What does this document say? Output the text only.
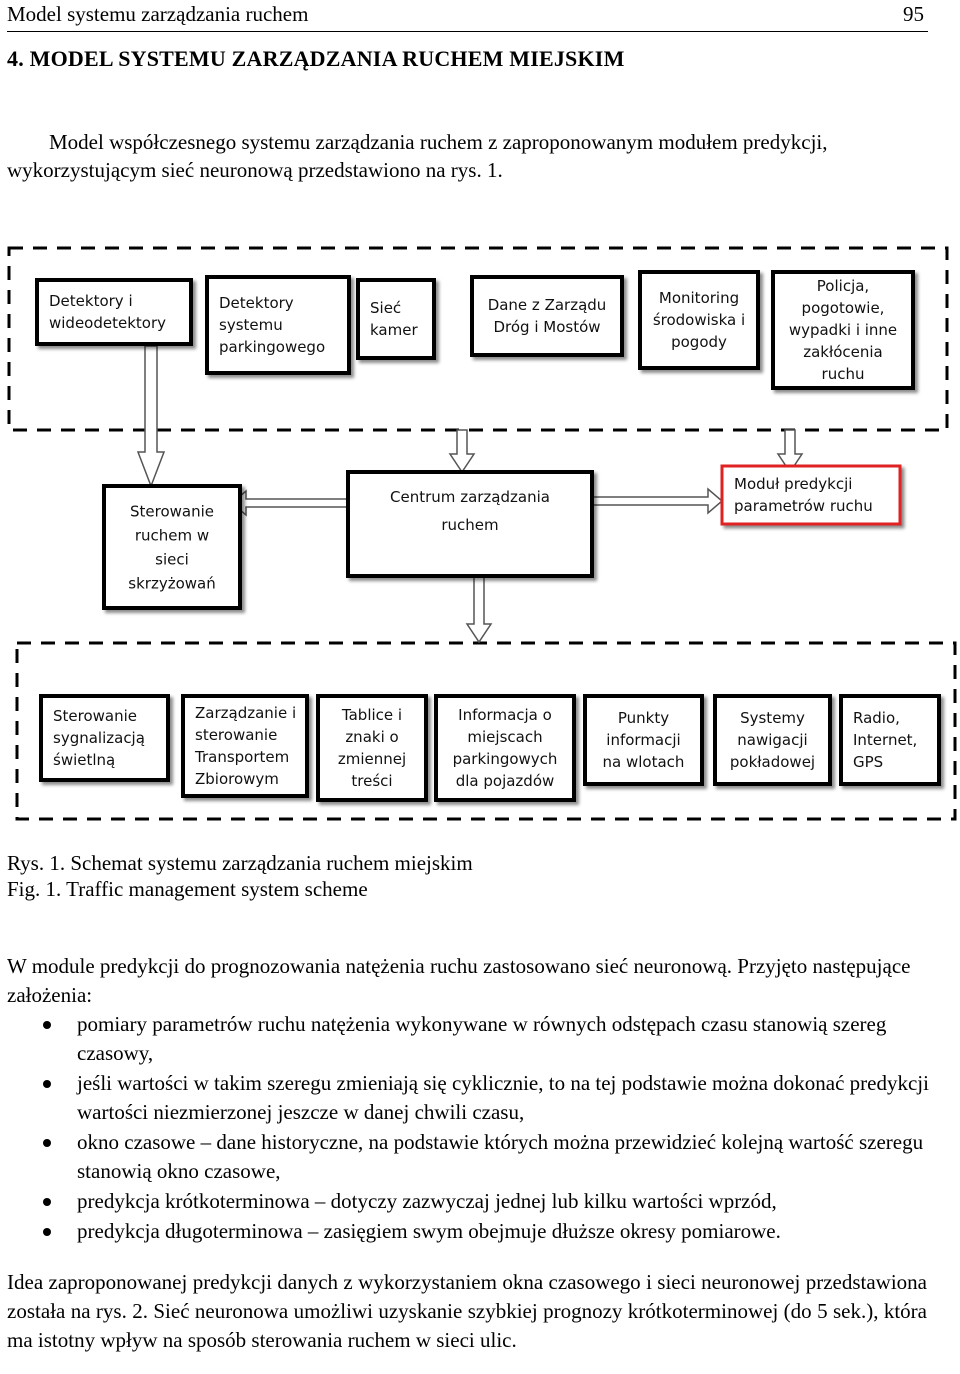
Model systemu zarządzania ruchem	95
4. MODEL SYSTEMU ZARZĄDZANIA RUCHEM MIEJSKIM

Model współczesnego systemu zarządzania ruchem z zaproponowanym modułem predykcji, wykorzystującym sieć neuronową przedstawiono na rys. 1.

Detektory i
wideodetektory
Detektory
systemu
parkingowego
Sieć
kamer
Dane z Zarządu
Dróg i Mostów
Monitoring
środowiska i
pogody
Policja,
pogotowie,
wypadki i inne
zakłócenia
ruchu
Sterowanie
ruchem w
sieci
skrzyżowań
Centrum zarządzania
ruchem
Moduł predykcji
parametrów ruchu
Sterowanie
sygnalizacją
świetlną
Zarządzanie i
sterowanie
Transportem
Zbiorowym
Tablice i
znaki o
zmiennej
treści
Informacja o
miejscach
parkingowych
dla pojazdów
Punkty
informacji
na wlotach
Systemy
nawigacji
pokładowej
Radio,
Internet,
GPS
Rys. 1. Schemat systemu zarządzania ruchem miejskim
Fig. 1. Traffic management system scheme

W module predykcji do prognozowania natężenia ruchu zastosowano sieć neuronową. Przyjęto następujące założenia:

pomiary parametrów ruchu natężenia wykonywane w równych odstępach czasu stanowią szereg czasowy,
jeśli wartości w takim szeregu zmieniają się cyklicznie, to na tej podstawie można dokonać predykcji wartości niezmierzonej jeszcze w danej chwili czasu,
okno czasowe – dane historyczne, na podstawie których można przewidzieć kolejną wartość szeregu stanowią okno czasowe,
predykcja krótkoterminowa – dotyczy zazwyczaj jednej lub kilku wartości wprzód,
predykcja długoterminowa – zasięgiem swym obejmuje dłuższe okresy pomiarowe.

Idea zaproponowanej predykcji danych z wykorzystaniem okna czasowego i sieci neuronowej przedstawiona została na rys. 2. Sieć neuronowa umożliwi uzyskanie szybkiej prognozy krótkoterminowej (do 5 sek.), która ma istotny wpływ na sposób sterowania ruchem w sieci ulic.
